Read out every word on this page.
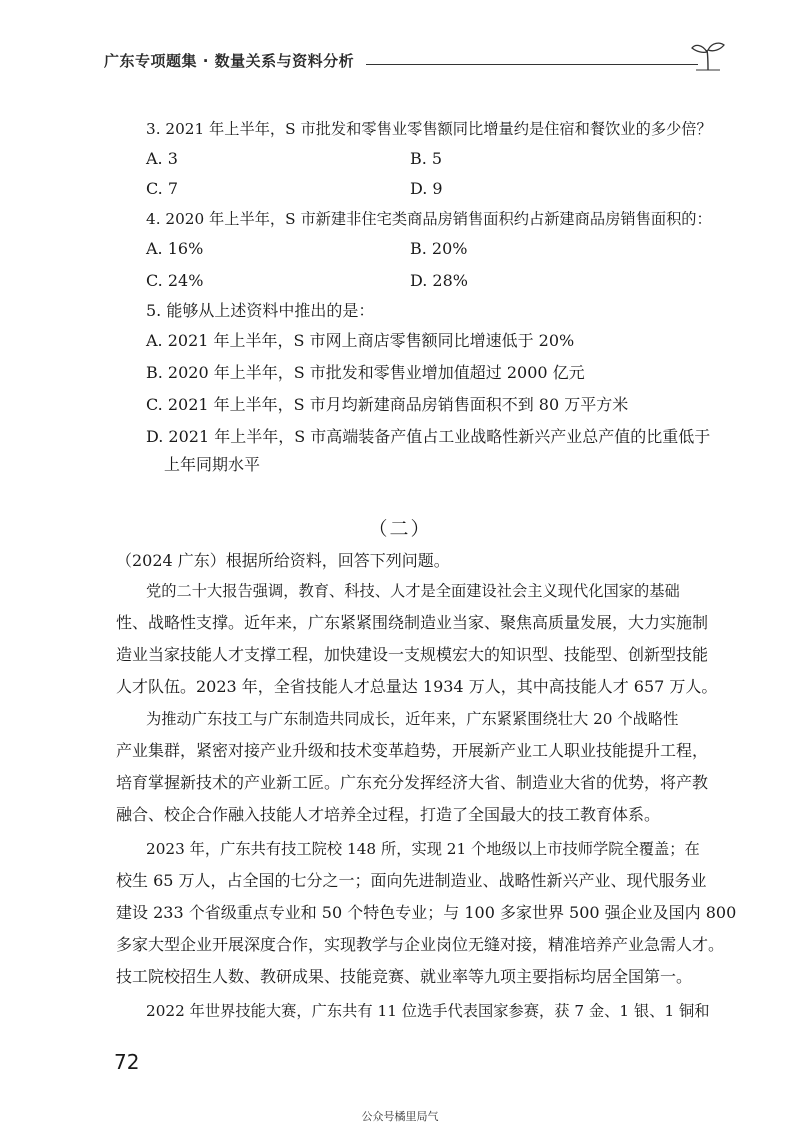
广东专项题集 · 数量关系与资料分析
3. 2021 年上半年，S 市批发和零售业零售额同比增量约是住宿和餐饮业的多少倍？
A. 3	B. 5
C. 7	D. 9
4. 2020 年上半年，S 市新建非住宅类商品房销售面积约占新建商品房销售面积的：
A. 16%	B. 20%
C. 24%	D. 28%
5. 能够从上述资料中推出的是：
A. 2021 年上半年，S 市网上商店零售额同比增速低于 20%
B. 2020 年上半年，S 市批发和零售业增加值超过 2000 亿元
C. 2021 年上半年，S 市月均新建商品房销售面积不到 80 万平方米
D. 2021 年上半年，S 市高端装备产值占工业战略性新兴产业总产值的比重低于
上年同期水平
（二）
（2024 广东）根据所给资料，回答下列问题。
党的二十大报告强调，教育、科技、人才是全面建设社会主义现代化国家的基础
性、战略性支撑。近年来，广东紧紧围绕制造业当家、聚焦高质量发展，大力实施制
造业当家技能人才支撑工程，加快建设一支规模宏大的知识型、技能型、创新型技能
人才队伍。2023 年，全省技能人才总量达 1934 万人，其中高技能人才 657 万人。
为推动广东技工与广东制造共同成长，近年来，广东紧紧围绕壮大 20 个战略性
产业集群，紧密对接产业升级和技术变革趋势，开展新产业工人职业技能提升工程，
培育掌握新技术的产业新工匠。广东充分发挥经济大省、制造业大省的优势，将产教
融合、校企合作融入技能人才培养全过程，打造了全国最大的技工教育体系。
2023 年，广东共有技工院校 148 所，实现 21 个地级以上市技师学院全覆盖；在
校生 65 万人，占全国的七分之一；面向先进制造业、战略性新兴产业、现代服务业
建设 233 个省级重点专业和 50 个特色专业；与 100 多家世界 500 强企业及国内 800
多家大型企业开展深度合作，实现教学与企业岗位无缝对接，精准培养产业急需人才。
技工院校招生人数、教研成果、技能竞赛、就业率等九项主要指标均居全国第一。
2022 年世界技能大赛，广东共有 11 位选手代表国家参赛，获 7 金、1 银、1 铜和
72
公众号橘里局气
